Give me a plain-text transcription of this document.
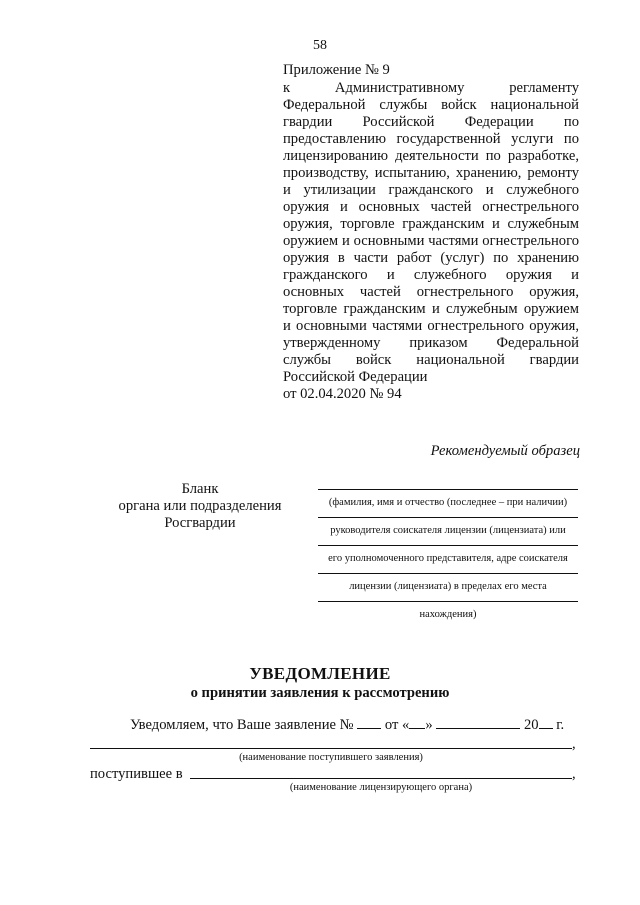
58
Приложение № 9
к Административному регламенту Федеральной службы войск национальной гвардии Российской Федерации по предоставлению государственной услуги по лицензированию деятельности по разработке, производству, испытанию, хранению, ремонту и утилизации гражданского и служебного оружия и основных частей огнестрельного оружия, торговле гражданским и служебным оружием и основными частями огнестрельного оружия в части работ (услуг) по хранению гражданского и служебного оружия и основных частей огнестрельного оружия, торговле гражданским и служебным оружием и основными частями огнестрельного оружия, утвержденному приказом Федеральной службы войск национальной гвардии Российской Федерации
от 02.04.2020 № 94
Рекомендуемый образец
Бланк
органа или подразделения
Росгвардии
(фамилия, имя и отчество (последнее – при наличии)
руководителя соискателя лицензии (лицензиата) или
его уполномоченного представителя, адре соискателя
лицензии (лицензиата) в пределах его места
нахождения)
УВЕДОМЛЕНИЕ
о принятии заявления к рассмотрению
Уведомляем, что Ваше заявление № от « »	20 г.
,
(наименование поступившего заявления)
поступившее в	,
(наименование лицензирующего органа)
